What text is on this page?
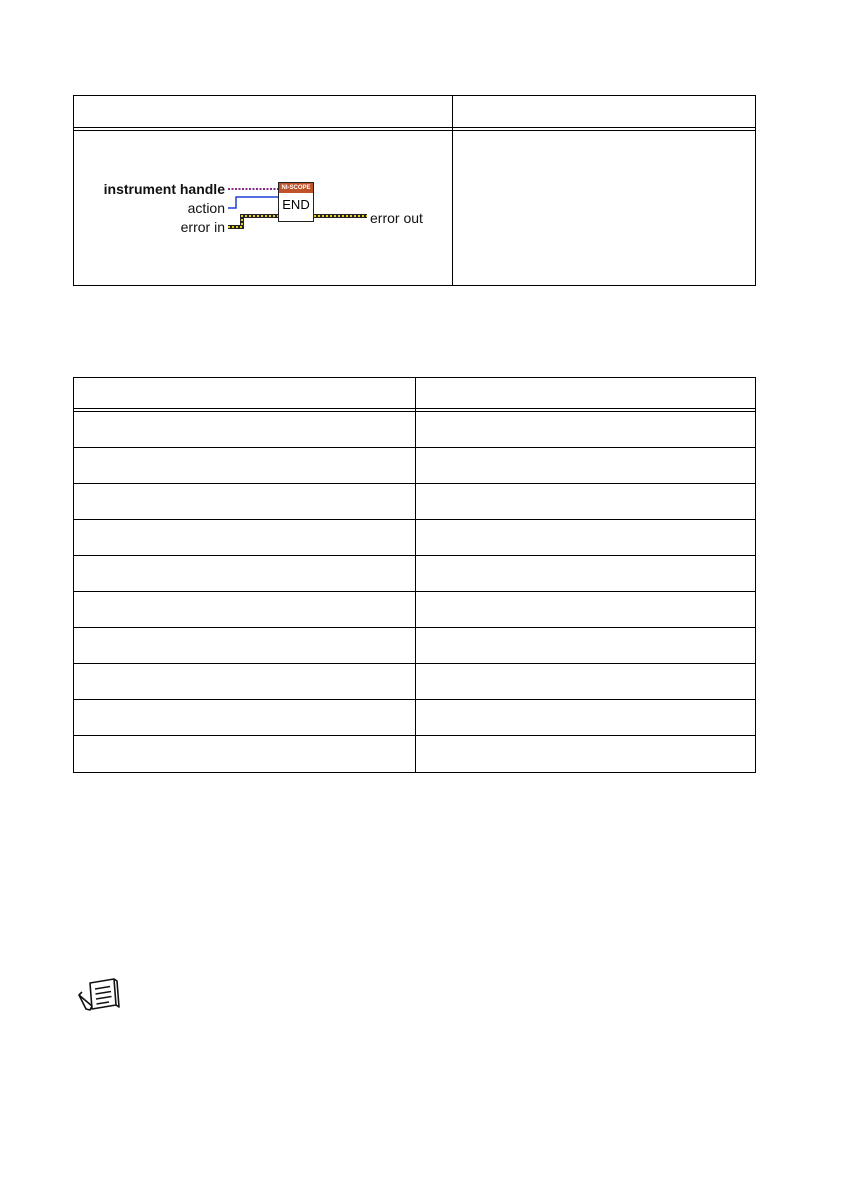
instrument handle
action
error in
error out
NI-SCOPE
END
